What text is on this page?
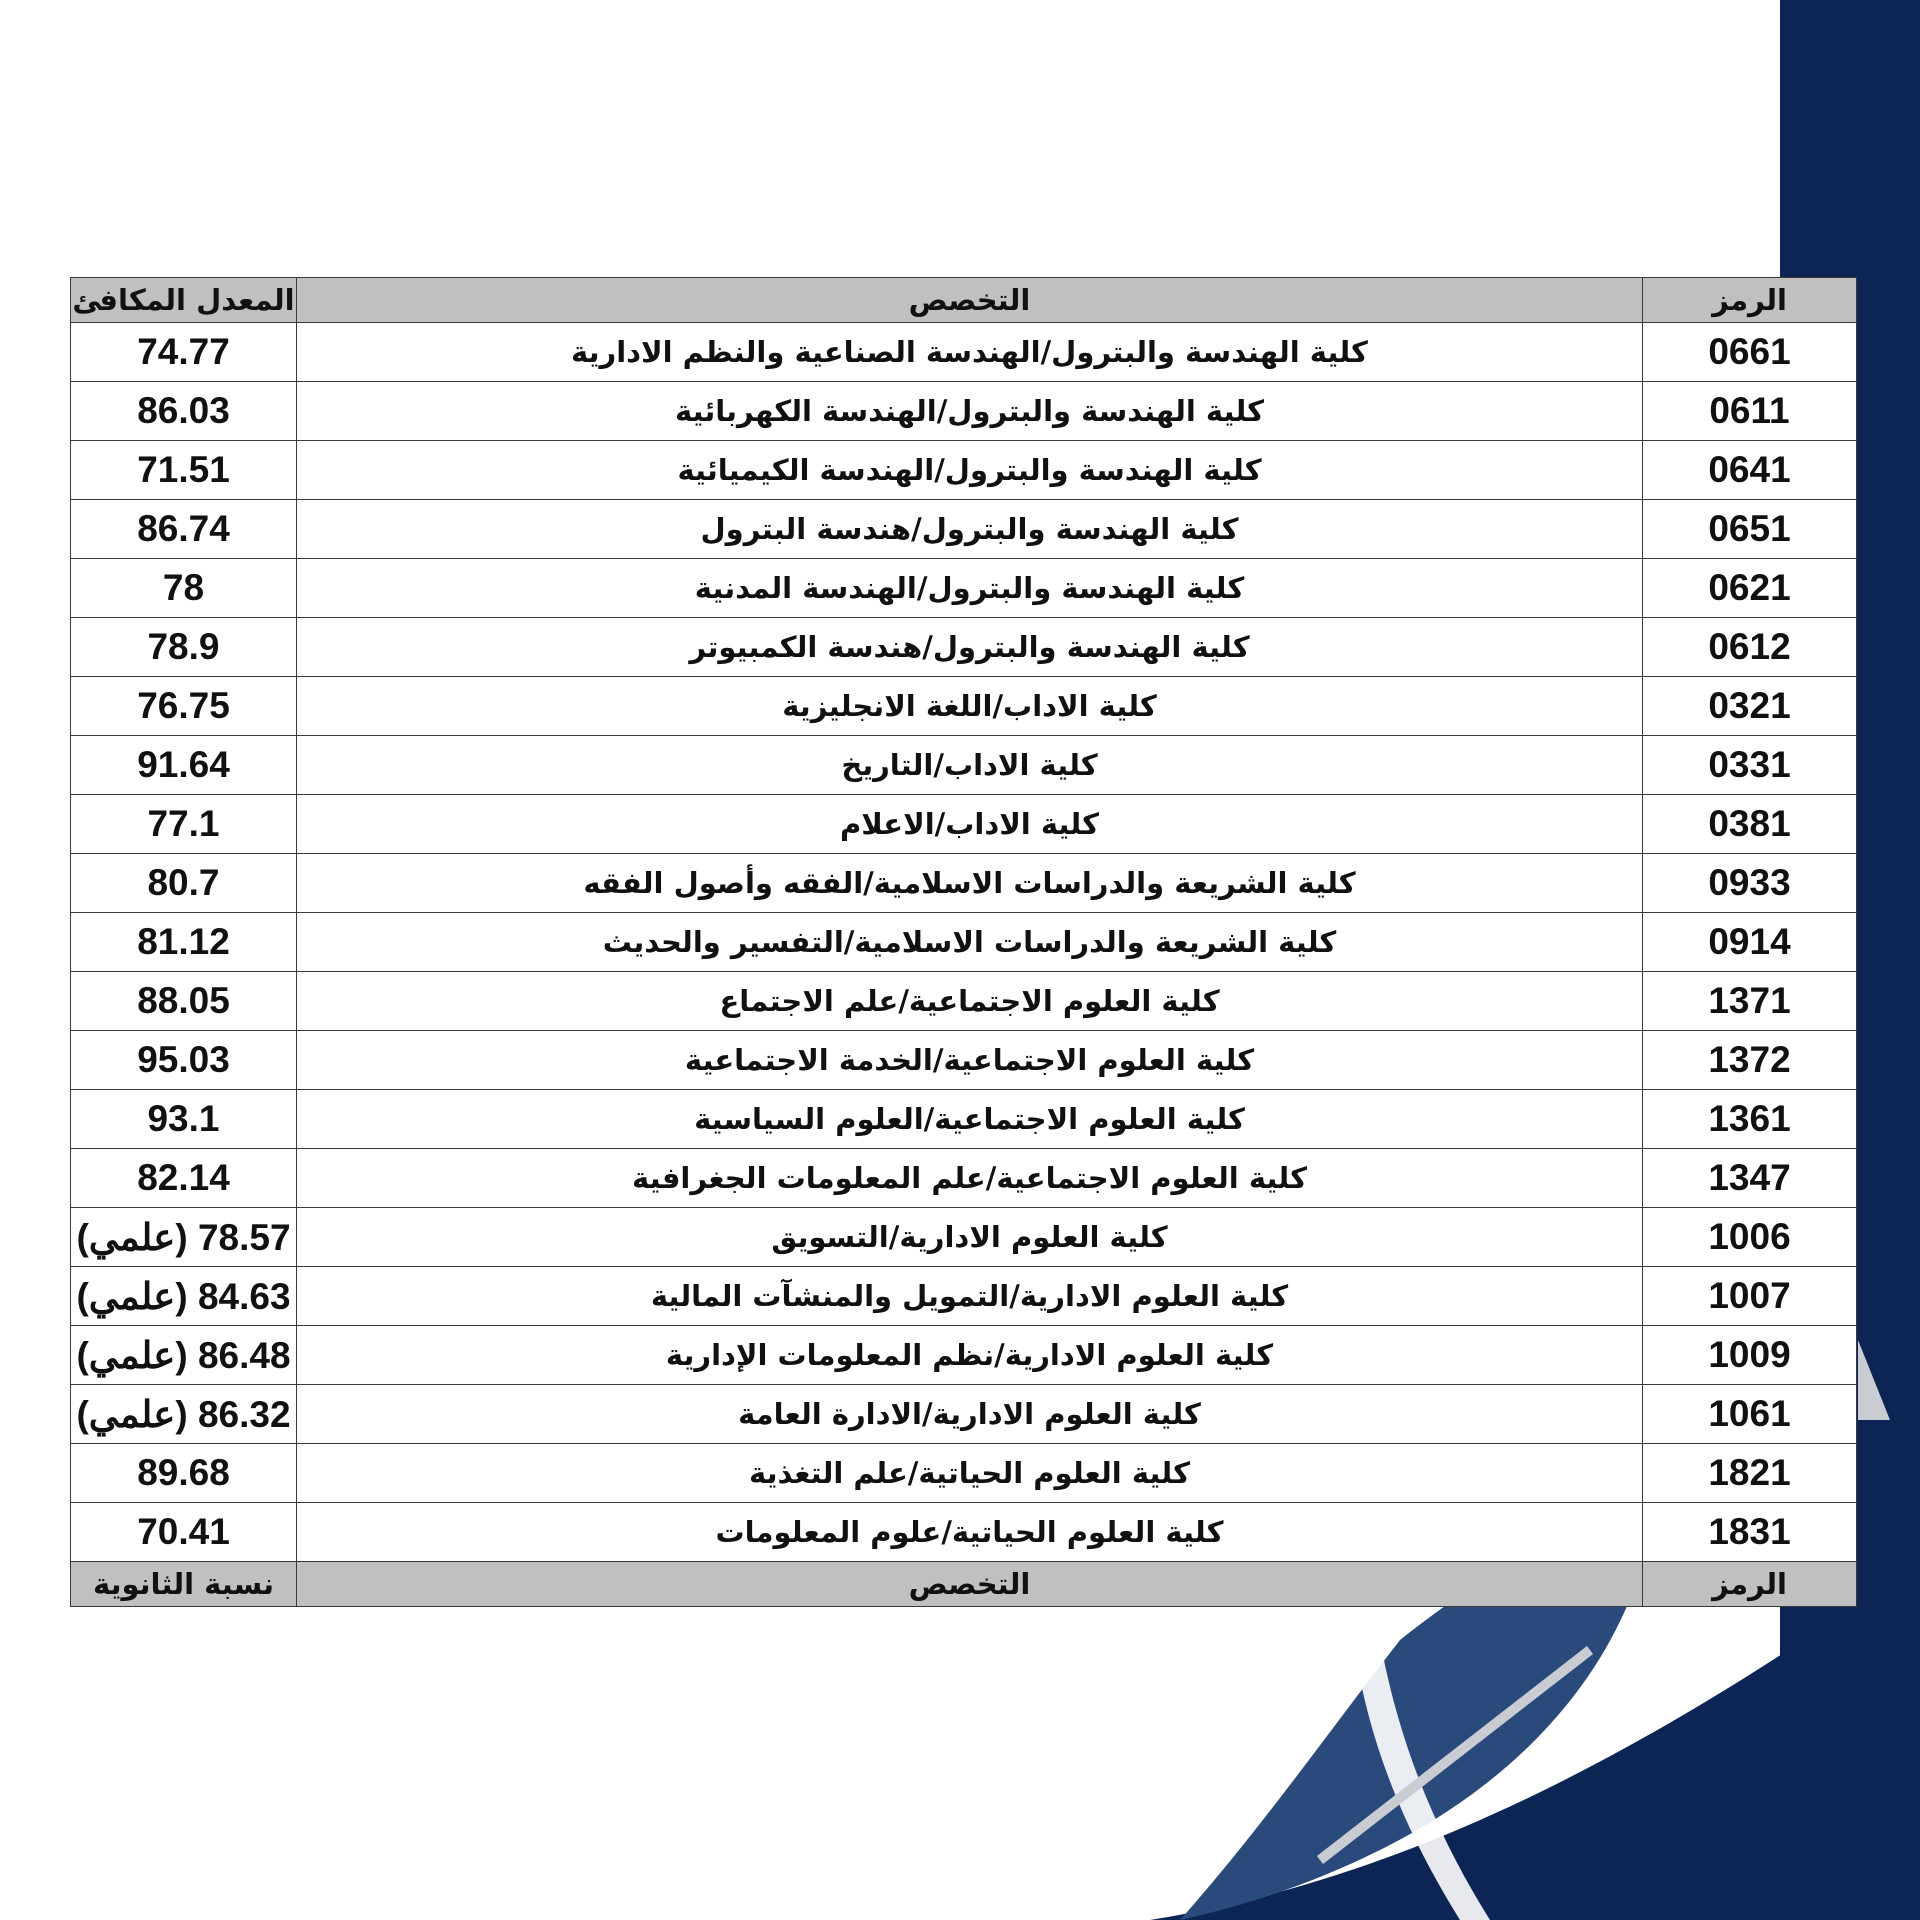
المعدل المكافئ	التخصص	الرمز
74.77	كلية الهندسة والبترول/الهندسة الصناعية والنظم الادارية	0661
86.03	كلية الهندسة والبترول/الهندسة الكهربائية	0611
71.51	كلية الهندسة والبترول/الهندسة الكيميائية	0641
86.74	كلية الهندسة والبترول/هندسة البترول	0651
78	كلية الهندسة والبترول/الهندسة المدنية	0621
78.9	كلية الهندسة والبترول/هندسة الكمبيوتر	0612
76.75	كلية الاداب/اللغة الانجليزية	0321
91.64	كلية الاداب/التاريخ	0331
77.1	كلية الاداب/الاعلام	0381
80.7	كلية الشريعة والدراسات الاسلامية/الفقه وأصول الفقه	0933
81.12	كلية الشريعة والدراسات الاسلامية/التفسير والحديث	0914
88.05	كلية العلوم الاجتماعية/علم الاجتماع	1371
95.03	كلية العلوم الاجتماعية/الخدمة الاجتماعية	1372
93.1	كلية العلوم الاجتماعية/العلوم السياسية	1361
82.14	كلية العلوم الاجتماعية/علم المعلومات الجغرافية	1347
78.57 (علمي)	كلية العلوم الادارية/التسويق	1006
84.63 (علمي)	كلية العلوم الادارية/التمويل والمنشآت المالية	1007
86.48 (علمي)	كلية العلوم الادارية/نظم المعلومات الإدارية	1009
86.32 (علمي)	كلية العلوم الادارية/الادارة العامة	1061
89.68	كلية العلوم الحياتية/علم التغذية	1821
70.41	كلية العلوم الحياتية/علوم المعلومات	1831
نسبة الثانوية	التخصص	الرمز
